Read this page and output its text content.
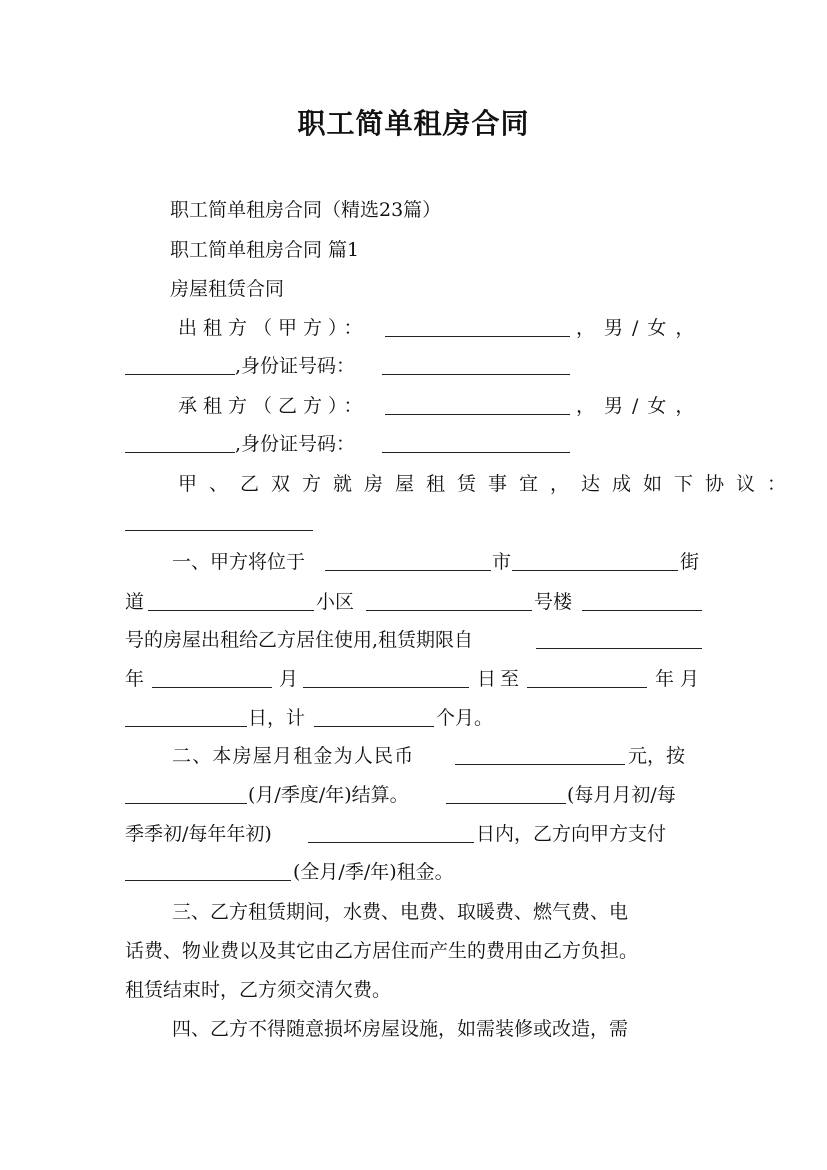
职工简单租房合同
职工简单租房合同（精选23篇）
职工简单租房合同 篇1
房屋租赁合同
出租方（甲方）：	，男/女，
,身份证号码：
承租方（乙方）：	，男/女，
,身份证号码：
甲、乙双方就房屋租赁事宜，达成如下协议：
一、甲方将位于	市	街
道	小区	号楼
号的房屋出租给乙方居住使用,租赁期限自
年	月	日至	年月
日，计	个月。
二、本房屋月租金为人民币	元，按
(月/季度/年)结算。	(每月月初/每
季季初/每年年初)	日内，乙方向甲方支付
(全月/季/年)租金。
三、乙方租赁期间，水费、电费、取暖费、燃气费、电
话费、物业费以及其它由乙方居住而产生的费用由乙方负担。
租赁结束时，乙方须交清欠费。
四、乙方不得随意损坏房屋设施，如需装修或改造，需
